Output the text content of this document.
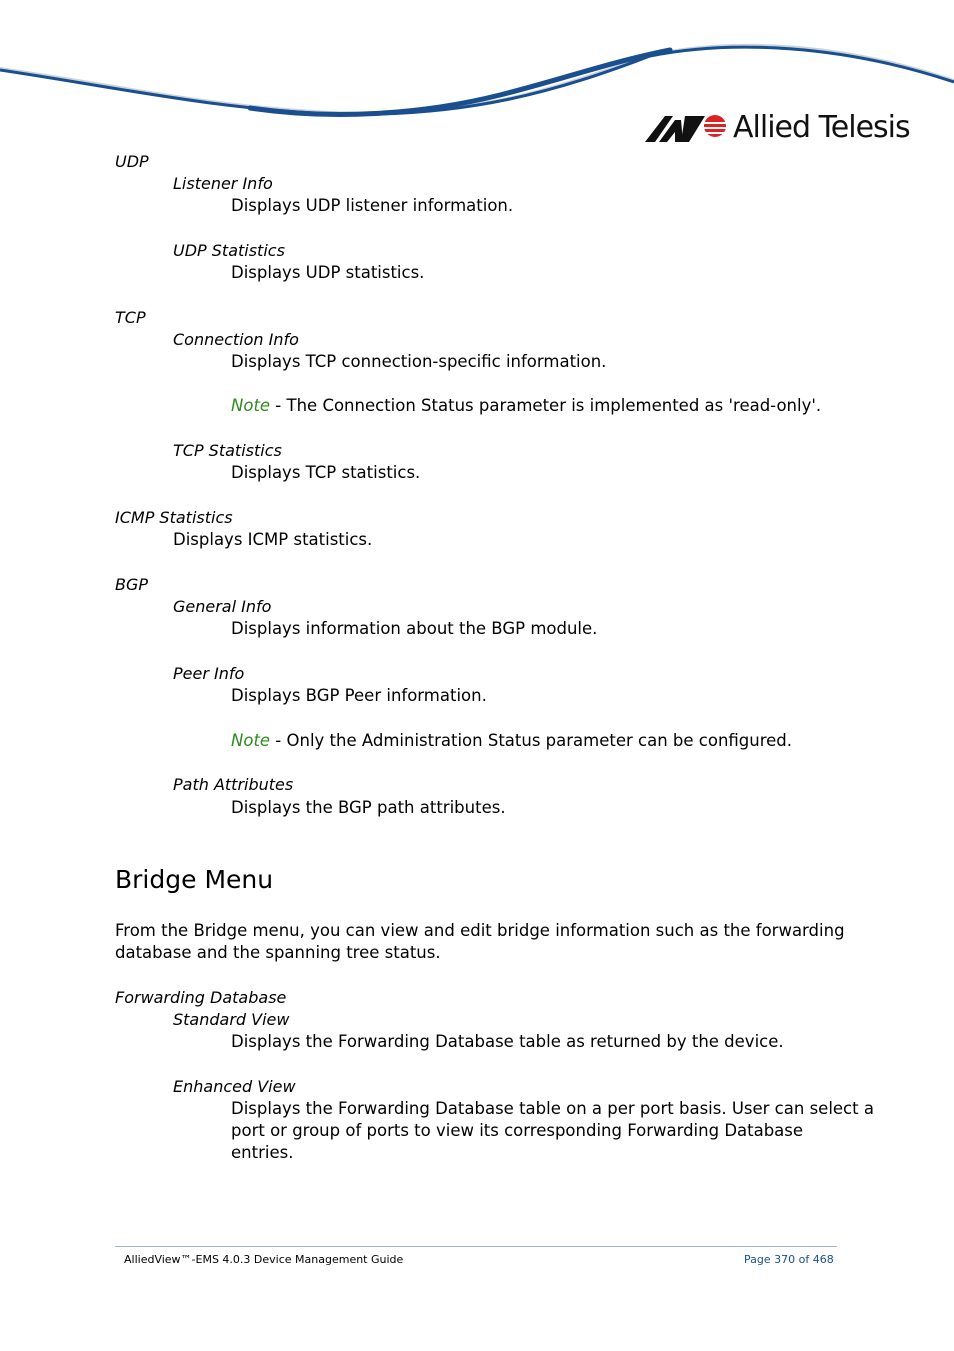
Allied Telesis
UDP
Listener Info
Displays UDP listener information.
UDP Statistics
Displays UDP statistics.
TCP
Connection Info
Displays TCP connection-specific information.
Note - The Connection Status parameter is implemented as 'read-only'.
TCP Statistics
Displays TCP statistics.
ICMP Statistics
Displays ICMP statistics.
BGP
General Info
Displays information about the BGP module.
Peer Info
Displays BGP Peer information.
Note - Only the Administration Status parameter can be configured.
Path Attributes
Displays the BGP path attributes.
Bridge Menu
From the Bridge menu, you can view and edit bridge information such as the forwarding
database and the spanning tree status.
Forwarding Database
Standard View
Displays the Forwarding Database table as returned by the device.
Enhanced View
Displays the Forwarding Database table on a per port basis. User can select a
port or group of ports to view its corresponding Forwarding Database
entries.
AlliedView™-EMS 4.0.3 Device Management Guide	Page 370 of 468
